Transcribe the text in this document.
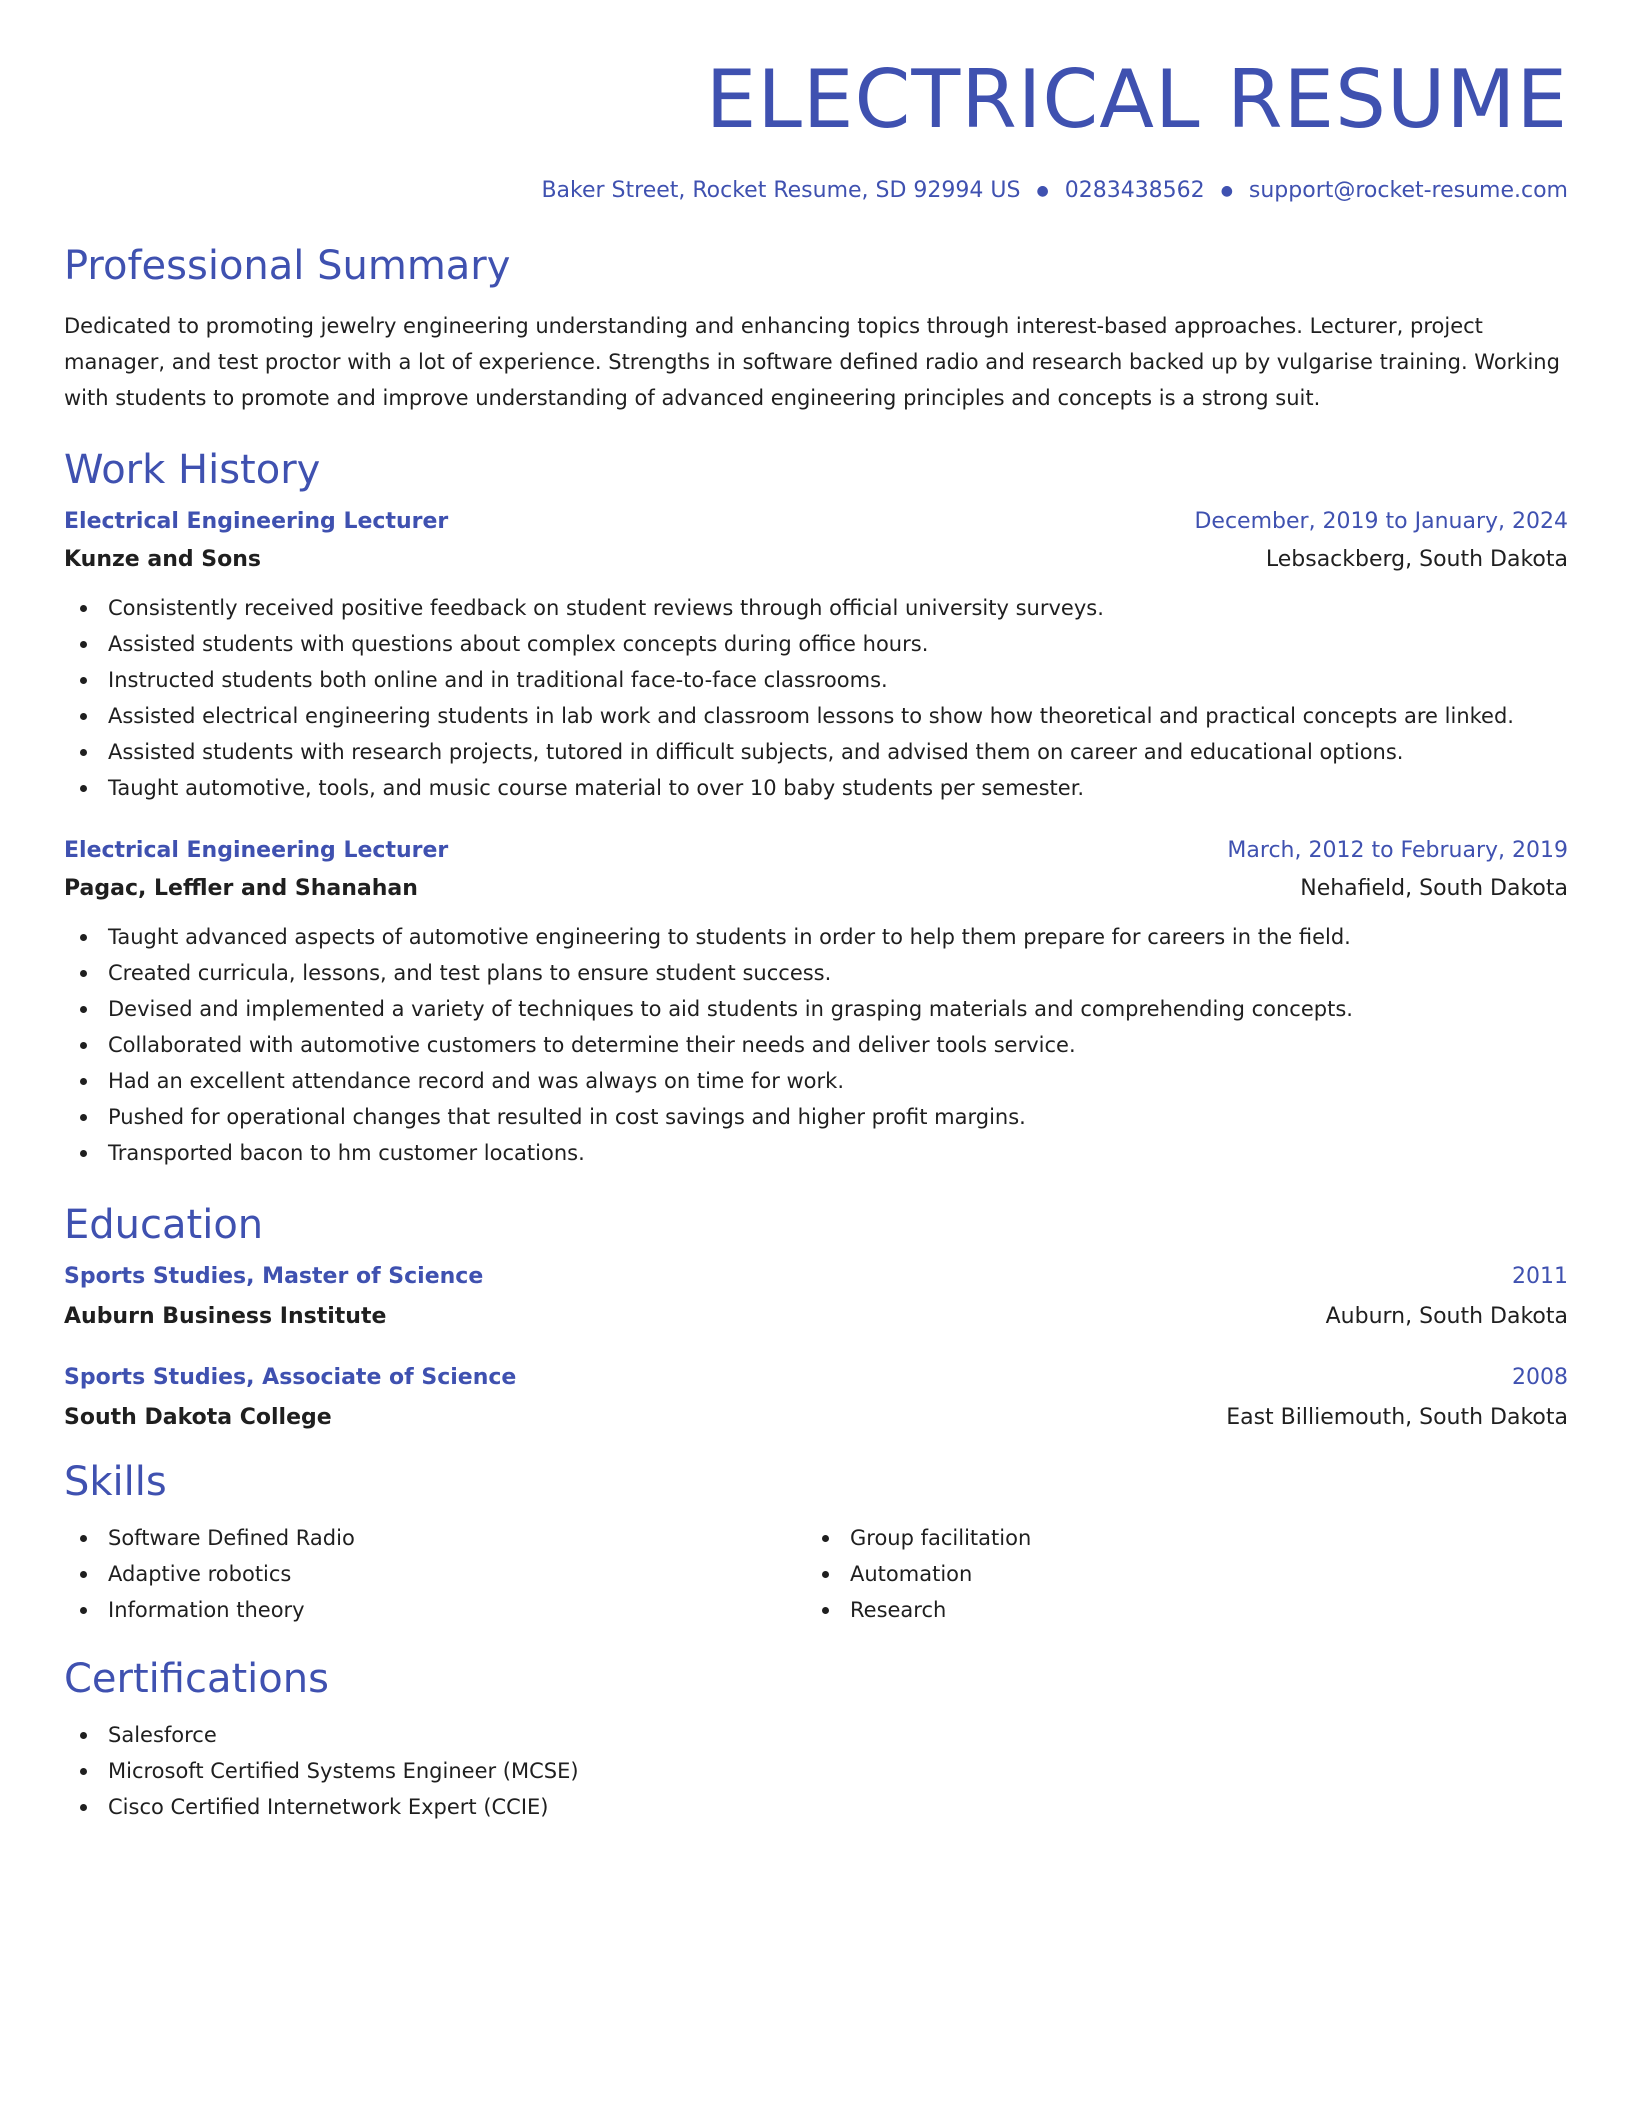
ELECTRICAL RESUME
Baker Street, Rocket Resume, SD 92994 US ● 0283438562 ● support@rocket-resume.com
Professional Summary

Dedicated to promoting jewelry engineering understanding and enhancing topics through interest-based approaches. Lecturer, project manager, and test proctor with a lot of experience. Strengths in software defined radio and research backed up by vulgarise training. Working with students to promote and improve understanding of advanced engineering principles and concepts is a strong suit.

Work History
Electrical Engineering Lecturer	December, 2019 to January, 2024
Kunze and Sons	Lebsackberg, South Dakota
Consistently received positive feedback on student reviews through official university surveys.
Assisted students with questions about complex concepts during office hours.
Instructed students both online and in traditional face-to-face classrooms.
Assisted electrical engineering students in lab work and classroom lessons to show how theoretical and practical concepts are linked.
Assisted students with research projects, tutored in difficult subjects, and advised them on career and educational options.
Taught automotive, tools, and music course material to over 10 baby students per semester.
Electrical Engineering Lecturer	March, 2012 to February, 2019
Pagac, Leffler and Shanahan	Nehafield, South Dakota
Taught advanced aspects of automotive engineering to students in order to help them prepare for careers in the field.
Created curricula, lessons, and test plans to ensure student success.
Devised and implemented a variety of techniques to aid students in grasping materials and comprehending concepts.
Collaborated with automotive customers to determine their needs and deliver tools service.
Had an excellent attendance record and was always on time for work.
Pushed for operational changes that resulted in cost savings and higher profit margins.
Transported bacon to hm customer locations.
Education
Sports Studies, Master of Science	2011
Auburn Business Institute	Auburn, South Dakota
Sports Studies, Associate of Science	2008
South Dakota College	East Billiemouth, South Dakota
Skills
Software Defined Radio
Adaptive robotics
Information theory
Group facilitation
Automation
Research
Certifications
Salesforce
Microsoft Certified Systems Engineer (MCSE)
Cisco Certified Internetwork Expert (CCIE)
